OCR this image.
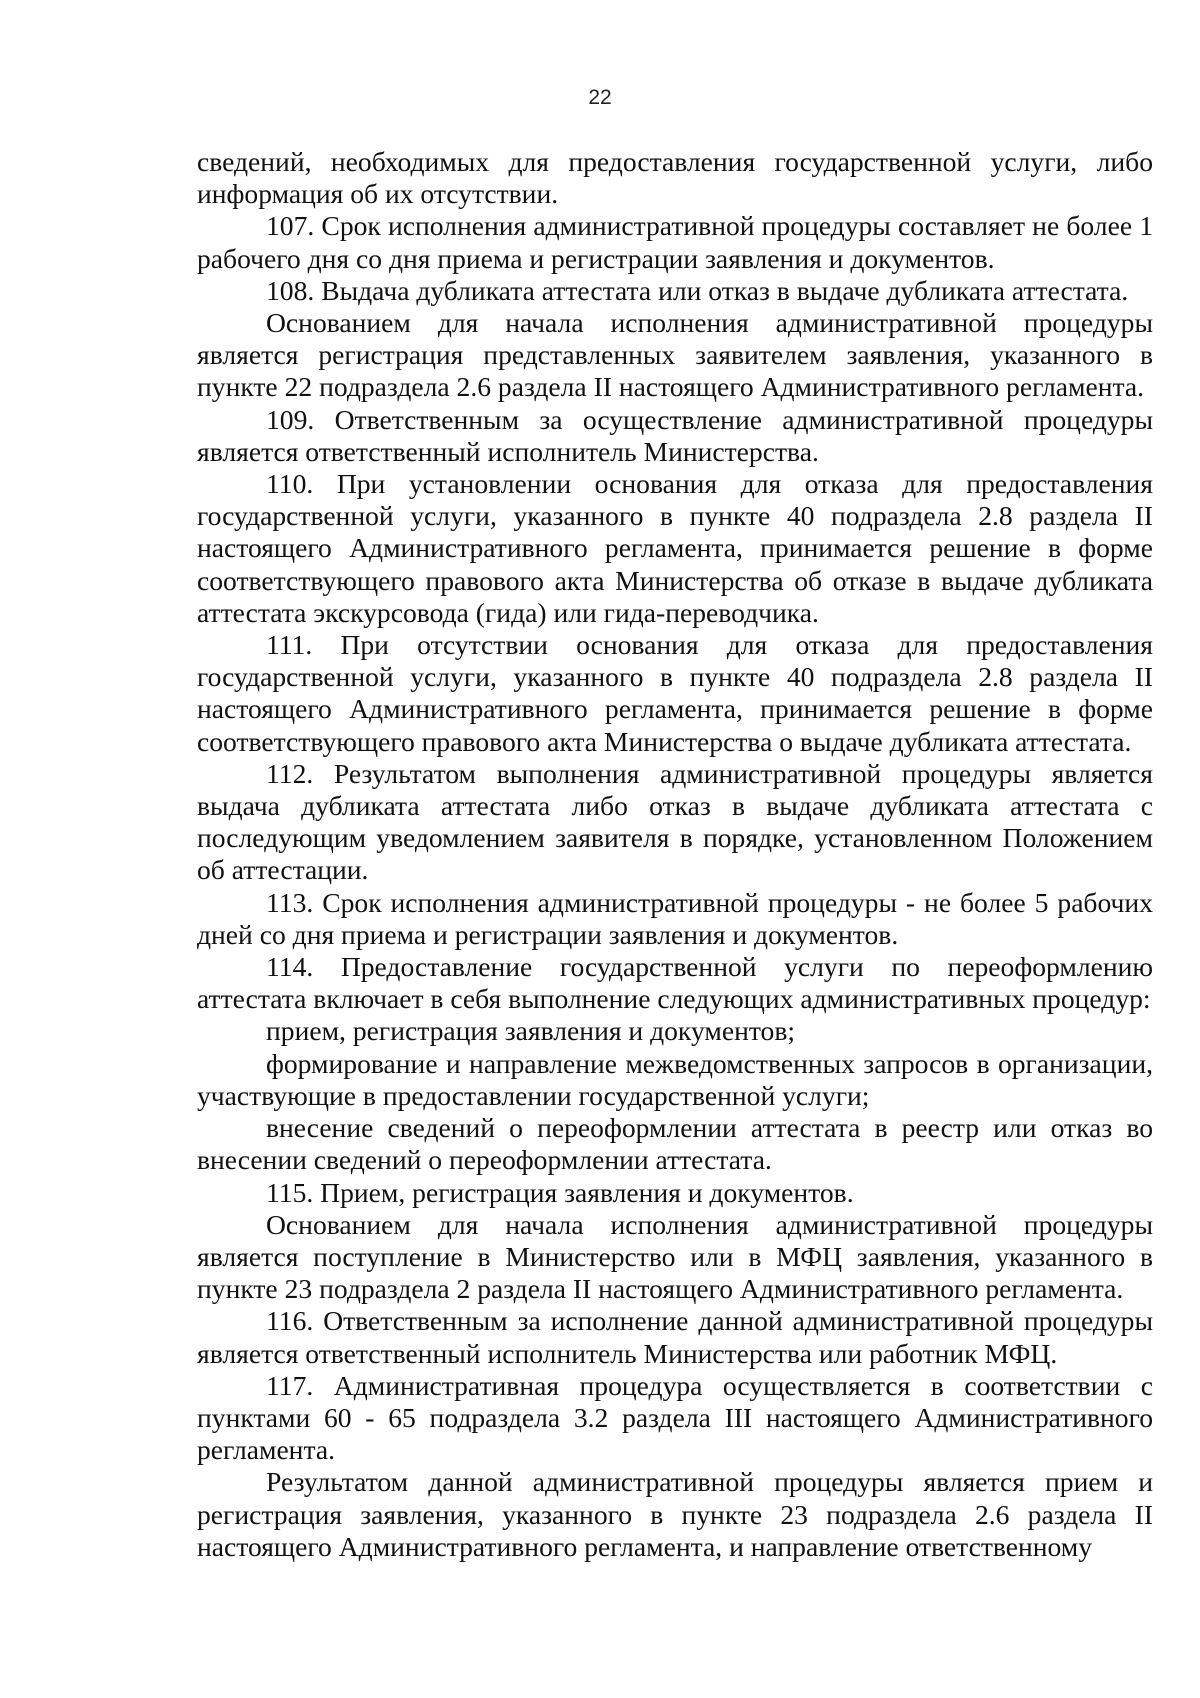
22

сведений, необходимых для предоставления государственной услуги, либо информация об их отсутствии.

107. Срок исполнения административной процедуры составляет не более 1 рабочего дня со дня приема и регистрации заявления и документов.

108. Выдача дубликата аттестата или отказ в выдаче дубликата аттестата.

Основанием для начала исполнения административной процедуры является регистрация представленных заявителем заявления, указанного в пункте 22 подраздела 2.6 раздела II настоящего Административного регламента.

109. Ответственным за осуществление административной процедуры является ответственный исполнитель Министерства.

110. При установлении основания для отказа для предоставления государственной услуги, указанного в пункте 40 подраздела 2.8 раздела II настоящего Административного регламента, принимается решение в форме соответствующего правового акта Министерства об отказе в выдаче дубликата аттестата экскурсовода (гида) или гида-переводчика.

111. При отсутствии основания для отказа для предоставления государственной услуги, указанного в пункте 40 подраздела 2.8 раздела II настоящего Административного регламента, принимается решение в форме соответствующего правового акта Министерства о выдаче дубликата аттестата.

112. Результатом выполнения административной процедуры является выдача дубликата аттестата либо отказ в выдаче дубликата аттестата с последующим уведомлением заявителя в порядке, установленном Положением об аттестации.

113. Срок исполнения административной процедуры - не более 5 рабочих дней со дня приема и регистрации заявления и документов.

114. Предоставление государственной услуги по переоформлению аттестата включает в себя выполнение следующих административных процедур:

прием, регистрация заявления и документов;

формирование и направление межведомственных запросов в организации, участвующие в предоставлении государственной услуги;

внесение сведений о переоформлении аттестата в реестр или отказ во внесении сведений о переоформлении аттестата.

115. Прием, регистрация заявления и документов.

Основанием для начала исполнения административной процедуры является поступление в Министерство или в МФЦ заявления, указанного в пункте 23 подраздела 2 раздела II настоящего Административного регламента.

116. Ответственным за исполнение данной административной процедуры является ответственный исполнитель Министерства или работник МФЦ.

117. Административная процедура осуществляется в соответствии с пунктами 60 - 65 подраздела 3.2 раздела III настоящего Административного регламента.

Результатом данной административной процедуры является прием и регистрация заявления, указанного в пункте 23 подраздела 2.6 раздела II настоящего Административного регламента, и направление ответственному
